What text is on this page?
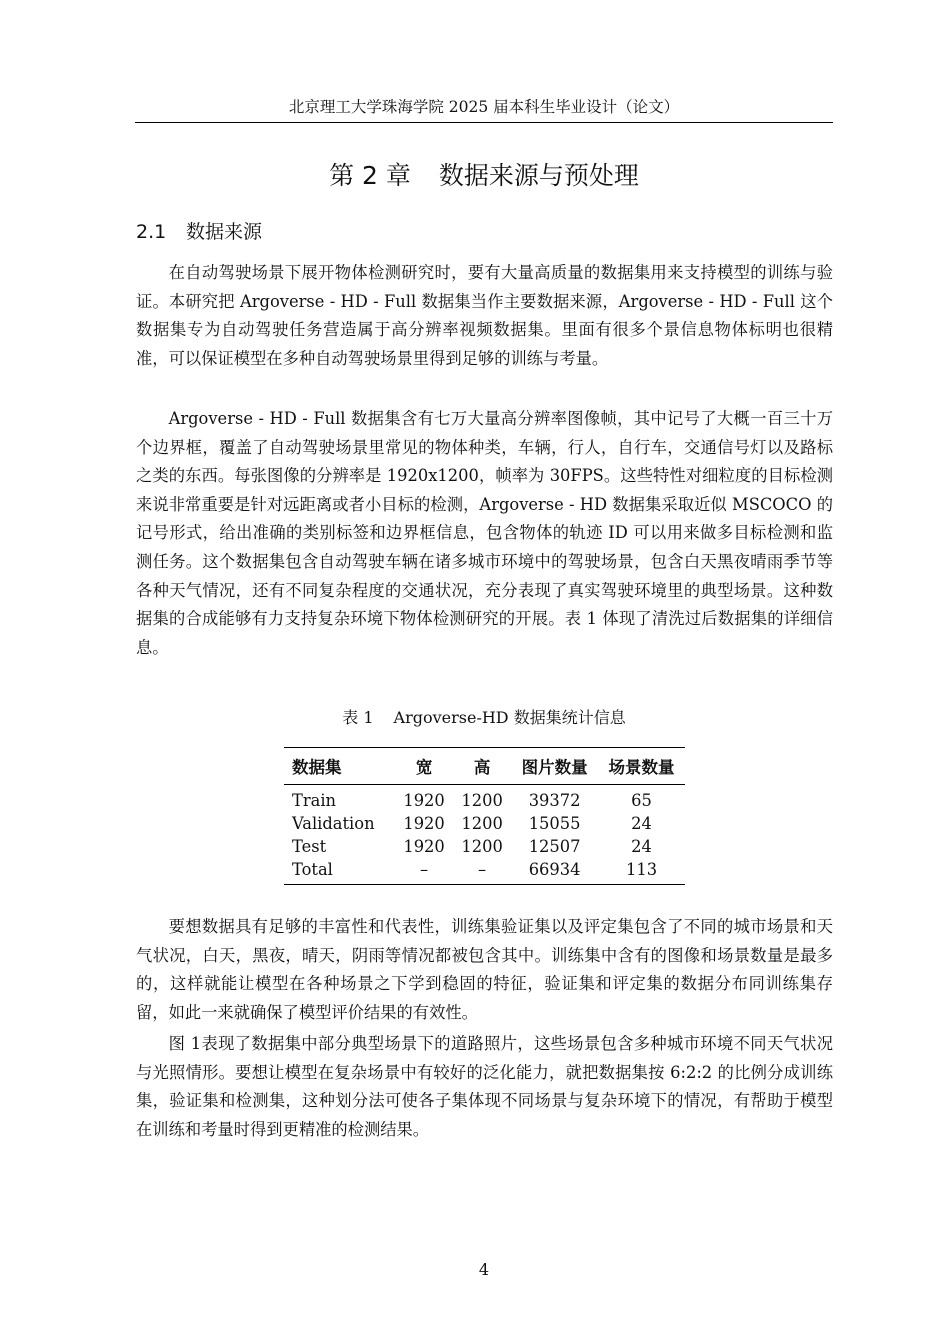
北京理工大学珠海学院 2025 届本科生毕业设计（论文）
第 2 章 数据来源与预处理
2.1 数据来源

在自动驾驶场景下展开物体检测研究时，要有大量高质量的数据集用来支持模型的训练与验证。本研究把 Argoverse - HD - Full 数据集当作主要数据来源，Argoverse - HD - Full 这个数据集专为自动驾驶任务营造属于高分辨率视频数据集。里面有很多个景信息物体标明也很精准，可以保证模型在多种自动驾驶场景里得到足够的训练与考量。

Argoverse - HD - Full 数据集含有七万大量高分辨率图像帧，其中记号了大概一百三十万个边界框，覆盖了自动驾驶场景里常见的物体种类，车辆，行人，自行车，交通信号灯以及路标之类的东西。每张图像的分辨率是 1920x1200，帧率为 30FPS。这些特性对细粒度的目标检测来说非常重要是针对远距离或者小目标的检测，Argoverse - HD 数据集采取近似 MSCOCO 的记号形式，给出准确的类别标签和边界框信息，包含物体的轨迹 ID 可以用来做多目标检测和监测任务。这个数据集包含自动驾驶车辆在诸多城市环境中的驾驶场景，包含白天黑夜晴雨季节等各种天气情况，还有不同复杂程度的交通状况，充分表现了真实驾驶环境里的典型场景。这种数据集的合成能够有力支持复杂环境下物体检测研究的开展。表 1 体现了清洗过后数据集的详细信息。

表 1 Argoverse-HD 数据集统计信息
数据集	宽	高	图片数量	场景数量
Train	1920	1200	39372	65
Validation	1920	1200	15055	24
Test	1920	1200	12507	24
Total	–	–	66934	113

要想数据具有足够的丰富性和代表性，训练集验证集以及评定集包含了不同的城市场景和天气状况，白天，黑夜，晴天，阴雨等情况都被包含其中。训练集中含有的图像和场景数量是最多的，这样就能让模型在各种场景之下学到稳固的特征，验证集和评定集的数据分布同训练集存留，如此一来就确保了模型评价结果的有效性。

图 1表现了数据集中部分典型场景下的道路照片，这些场景包含多种城市环境不同天气状况与光照情形。要想让模型在复杂场景中有较好的泛化能力，就把数据集按 6:2:2 的比例分成训练集，验证集和检测集，这种划分法可使各子集体现不同场景与复杂环境下的情况，有帮助于模型在训练和考量时得到更精准的检测结果。

4
